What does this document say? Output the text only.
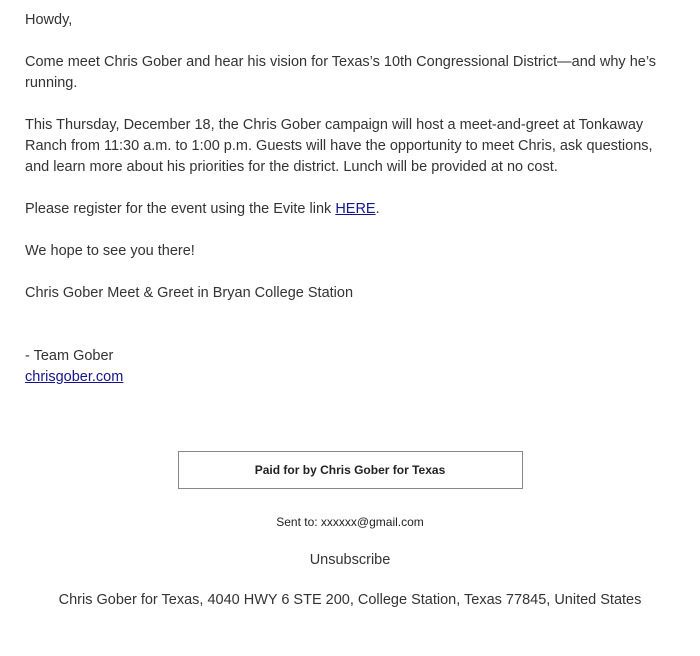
Howdy,

Come meet Chris Gober and hear his vision for Texas’s 10th Congressional District—and why he’s running.

This Thursday, December 18, the Chris Gober campaign will host a meet-and-greet at Tonkaway Ranch from 11:30 a.m. to 1:00 p.m. Guests will have the opportunity to meet Chris, ask questions, and learn more about his priorities for the district. Lunch will be provided at no cost.

Please register for the event using the Evite link HERE.

We hope to see you there!

Chris Gober Meet & Greet in Bryan College Station

- Team Gober

chrisgober.com

Paid for by Chris Gober for Texas
Sent to: xxxxxx@gmail.com
Unsubscribe
Chris Gober for Texas, 4040 HWY 6 STE 200, College Station, Texas 77845, United States
